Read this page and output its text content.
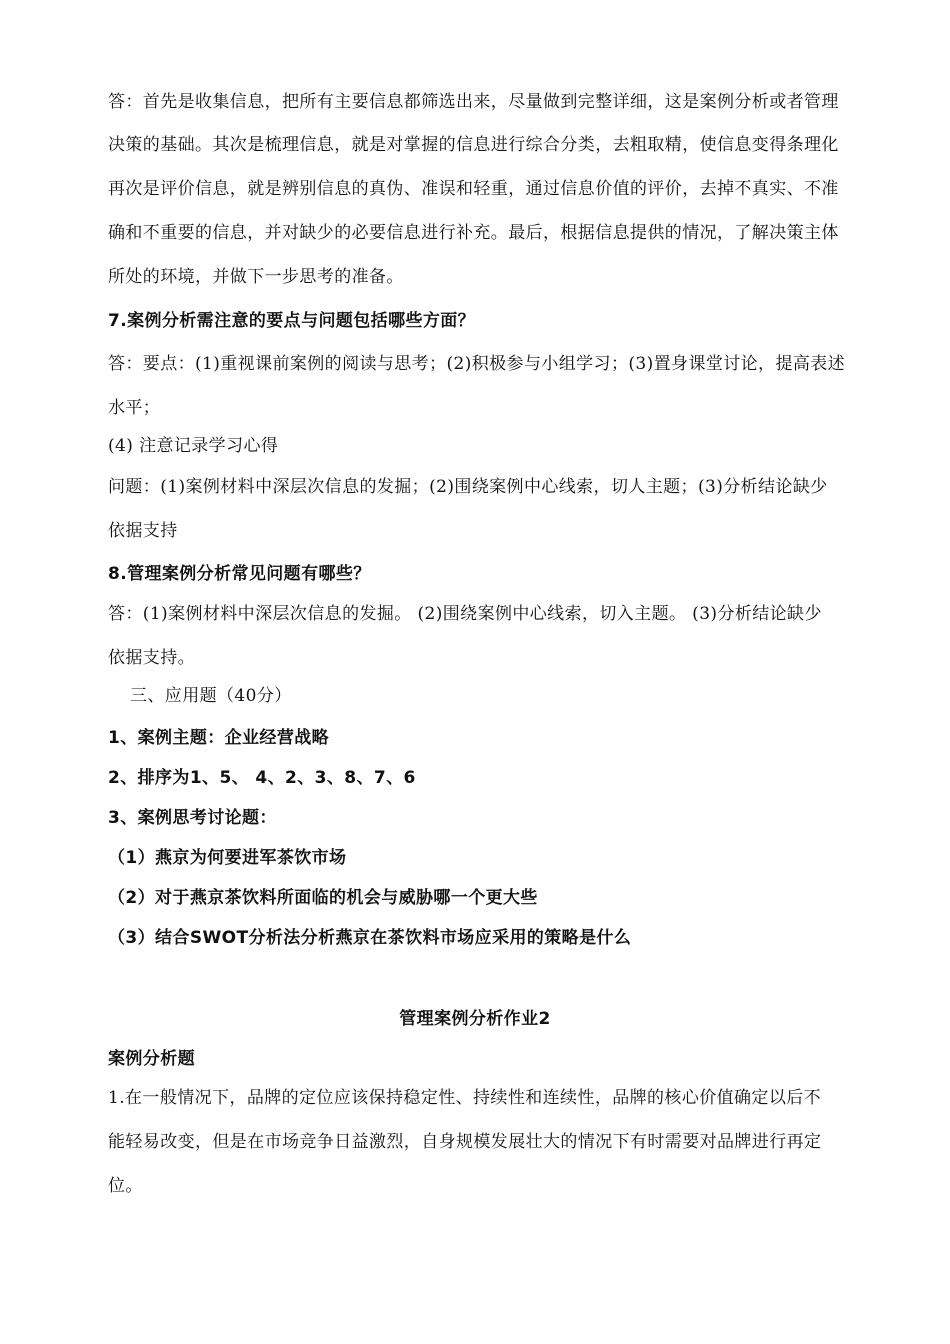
答：首先是收集信息，把所有主要信息都筛选出来，尽量做到完整详细，这是案例分析或者管理
决策的基础。其次是梳理信息，就是对掌握的信息进行综合分类，去粗取精，使信息变得条理化
再次是评价信息，就是辨别信息的真伪、准误和轻重，通过信息价值的评价，去掉不真实、不准
确和不重要的信息，并对缺少的必要信息进行补充。最后，根据信息提供的情况，了解决策主体
所处的环境，并做下一步思考的准备。
7.案例分析需注意的要点与问题包括哪些方面？
答：要点：(1)重视课前案例的阅读与思考；(2)积极参与小组学习；(3)置身课堂讨论，提高表述
水平；
(4) 注意记录学习心得
问题：(1)案例材料中深层次信息的发掘；(2)围绕案例中心线索，切人主题；(3)分析结论缺少
依据支持
8.管理案例分析常见问题有哪些？
答：(1)案例材料中深层次信息的发掘。 (2)围绕案例中心线索，切入主题。 (3)分析结论缺少
依据支持。
三、应用题（40分）
1、案例主题：企业经营战略
2、排序为1、5、 4、2、3、8、7、6
3、案例思考讨论题：
（1）燕京为何要进军茶饮市场
（2）对于燕京茶饮料所面临的机会与威胁哪一个更大些
（3）结合SWOT分析法分析燕京在茶饮料市场应采用的策略是什么
管理案例分析作业2
案例分析题
1.在一般情况下，品牌的定位应该保持稳定性、持续性和连续性，品牌的核心价值确定以后不
能轻易改变，但是在市场竞争日益激烈，自身规模发展壮大的情况下有时需要对品牌进行再定
位。
